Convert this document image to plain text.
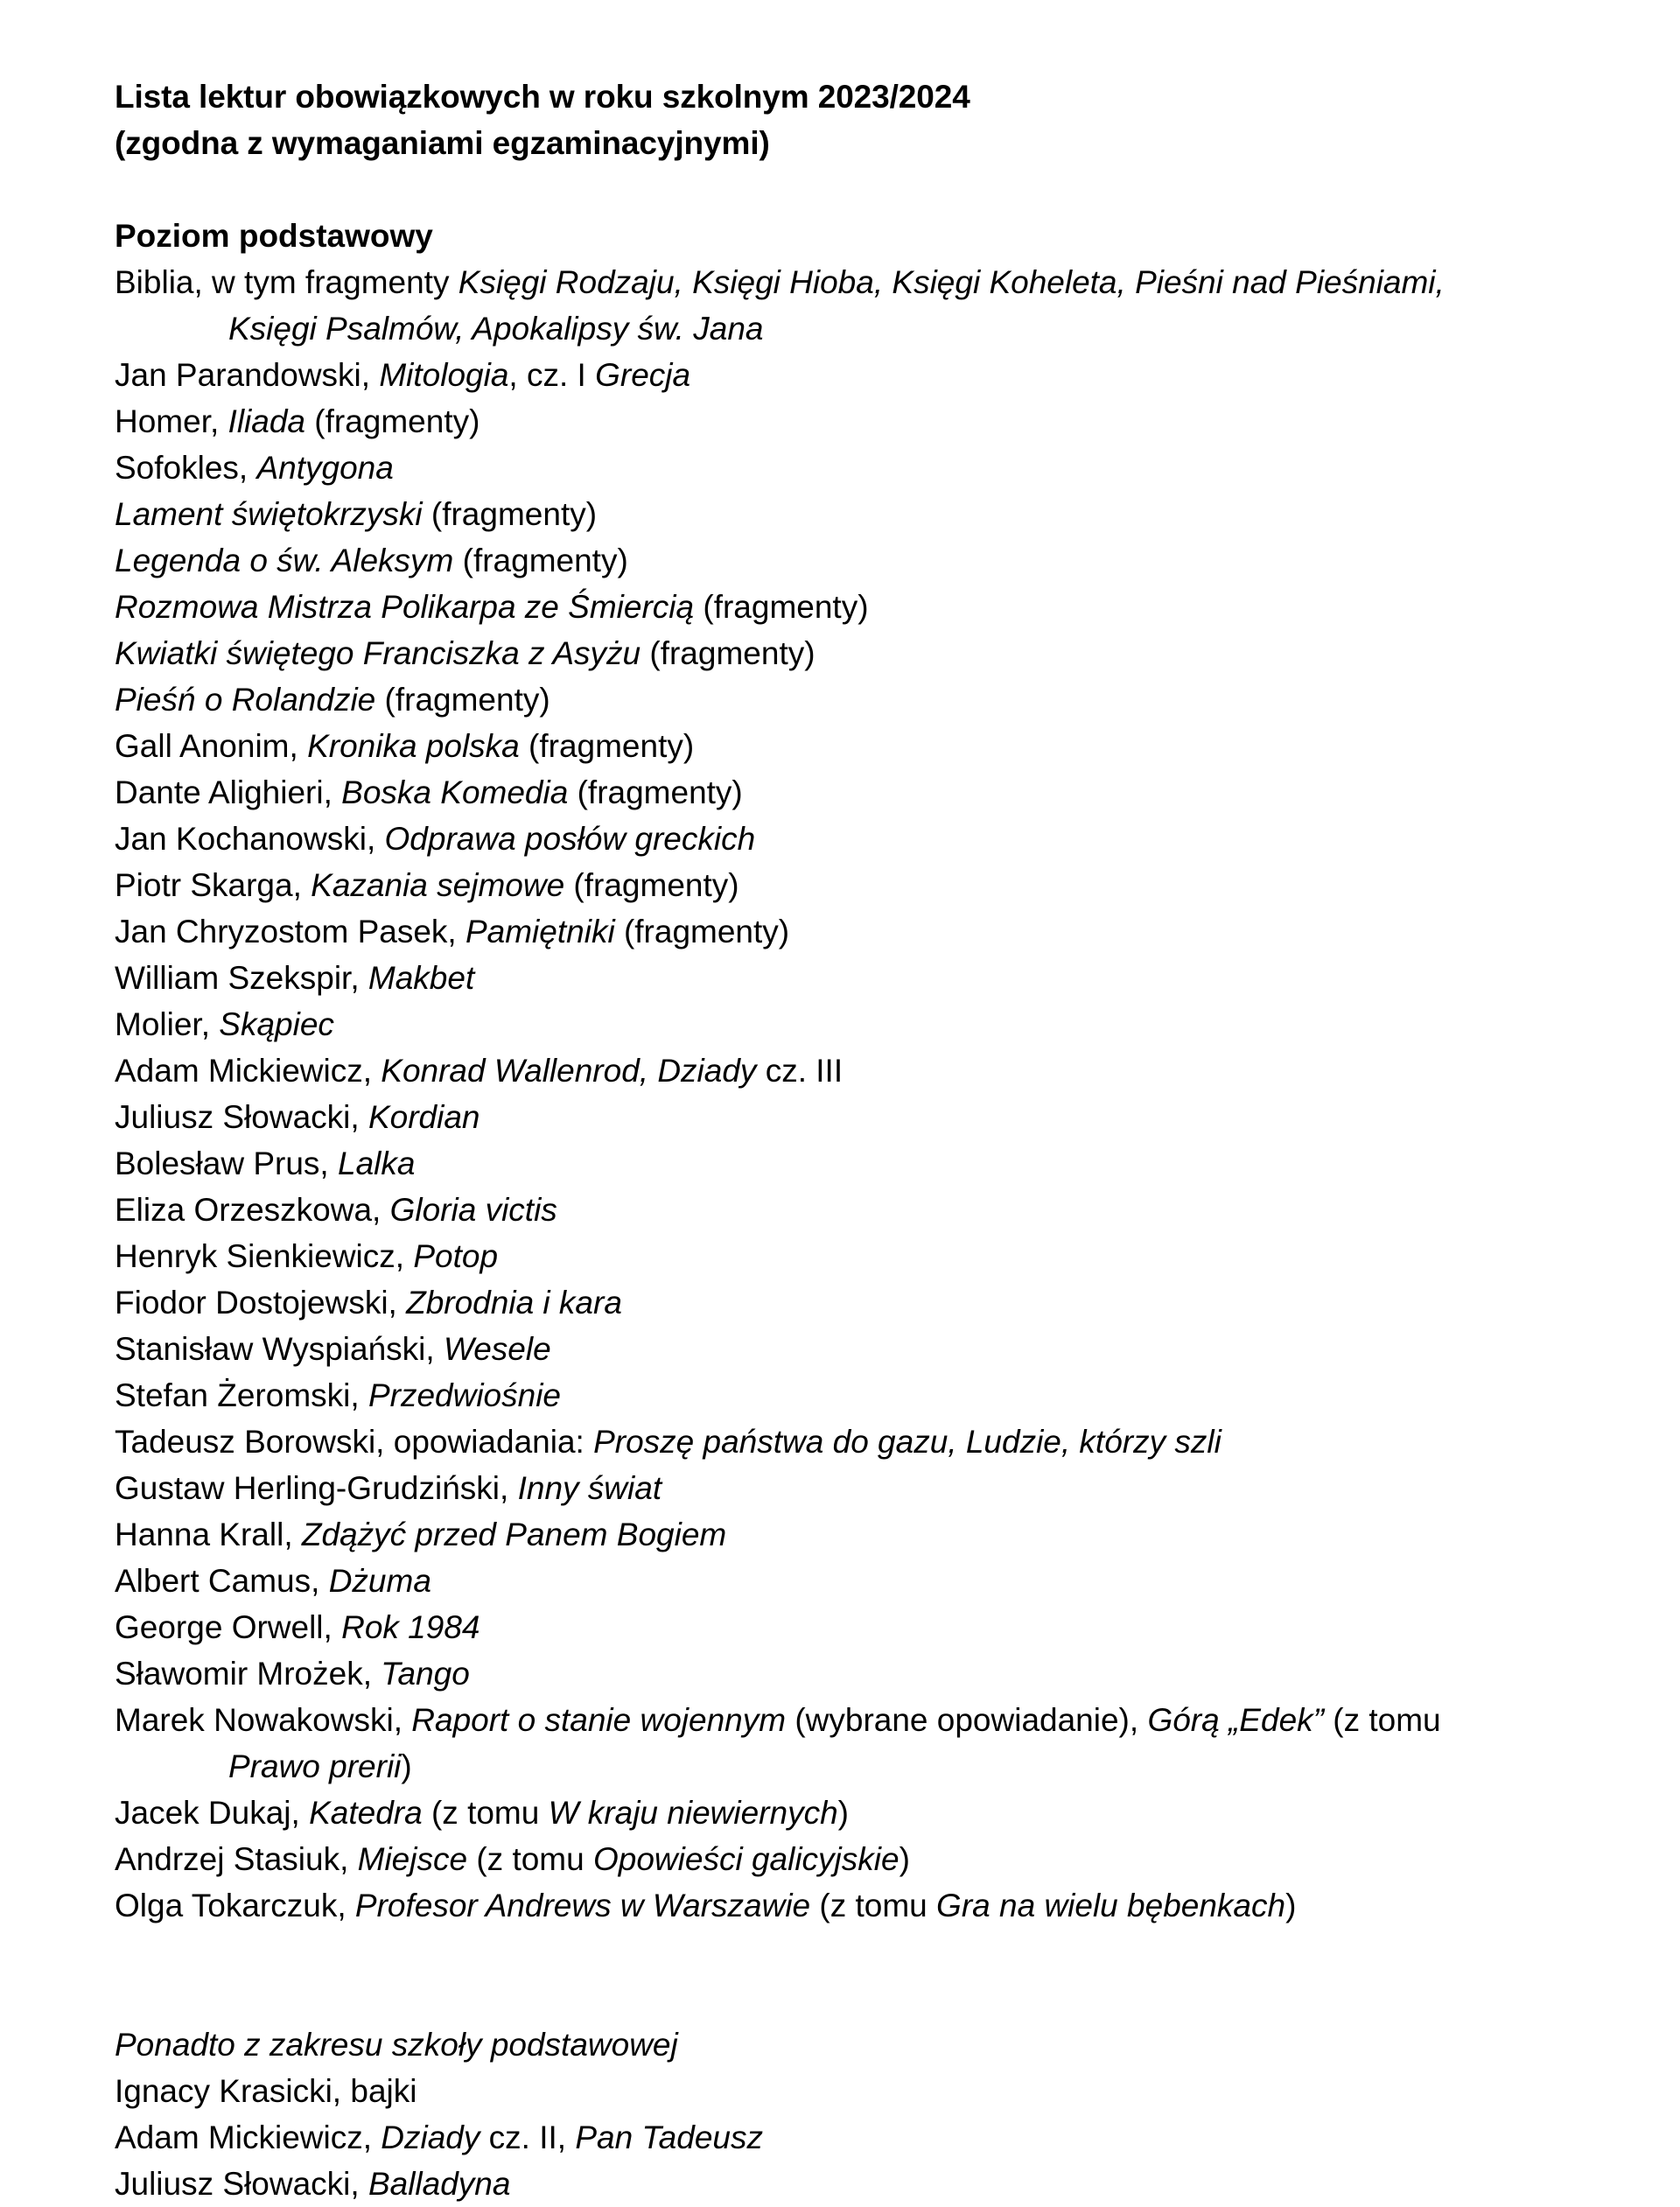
Lista lektur obowiązkowych w roku szkolnym 2023/2024
(zgodna z wymaganiami egzaminacyjnymi)
Poziom podstawowy
Biblia, w tym fragmenty Księgi Rodzaju, Księgi Hioba, Księgi Koheleta, Pieśni nad Pieśniami,
Księgi Psalmów, Apokalipsy św. Jana
Jan Parandowski, Mitologia, cz. I Grecja
Homer, Iliada (fragmenty)
Sofokles, Antygona
Lament świętokrzyski (fragmenty)
Legenda o św. Aleksym (fragmenty)
Rozmowa Mistrza Polikarpa ze Śmiercią (fragmenty)
Kwiatki świętego Franciszka z Asyżu (fragmenty)
Pieśń o Rolandzie (fragmenty)
Gall Anonim, Kronika polska (fragmenty)
Dante Alighieri, Boska Komedia (fragmenty)
Jan Kochanowski, Odprawa posłów greckich
Piotr Skarga, Kazania sejmowe (fragmenty)
Jan Chryzostom Pasek, Pamiętniki (fragmenty)
William Szekspir, Makbet
Molier, Skąpiec
Adam Mickiewicz, Konrad Wallenrod, Dziady cz. III
Juliusz Słowacki, Kordian
Bolesław Prus, Lalka
Eliza Orzeszkowa, Gloria victis
Henryk Sienkiewicz, Potop
Fiodor Dostojewski, Zbrodnia i kara
Stanisław Wyspiański, Wesele
Stefan Żeromski, Przedwiośnie
Tadeusz Borowski, opowiadania: Proszę państwa do gazu, Ludzie, którzy szli
Gustaw Herling-Grudziński, Inny świat
Hanna Krall, Zdążyć przed Panem Bogiem
Albert Camus, Dżuma
George Orwell, Rok 1984
Sławomir Mrożek, Tango
Marek Nowakowski, Raport o stanie wojennym (wybrane opowiadanie), Górą „Edek” (z tomu
Prawo prerii)
Jacek Dukaj, Katedra (z tomu W kraju niewiernych)
Andrzej Stasiuk, Miejsce (z tomu Opowieści galicyjskie)
Olga Tokarczuk, Profesor Andrews w Warszawie (z tomu Gra na wielu bębenkach)
Ponadto z zakresu szkoły podstawowej
Ignacy Krasicki, bajki
Adam Mickiewicz, Dziady cz. II, Pan Tadeusz
Juliusz Słowacki, Balladyna
